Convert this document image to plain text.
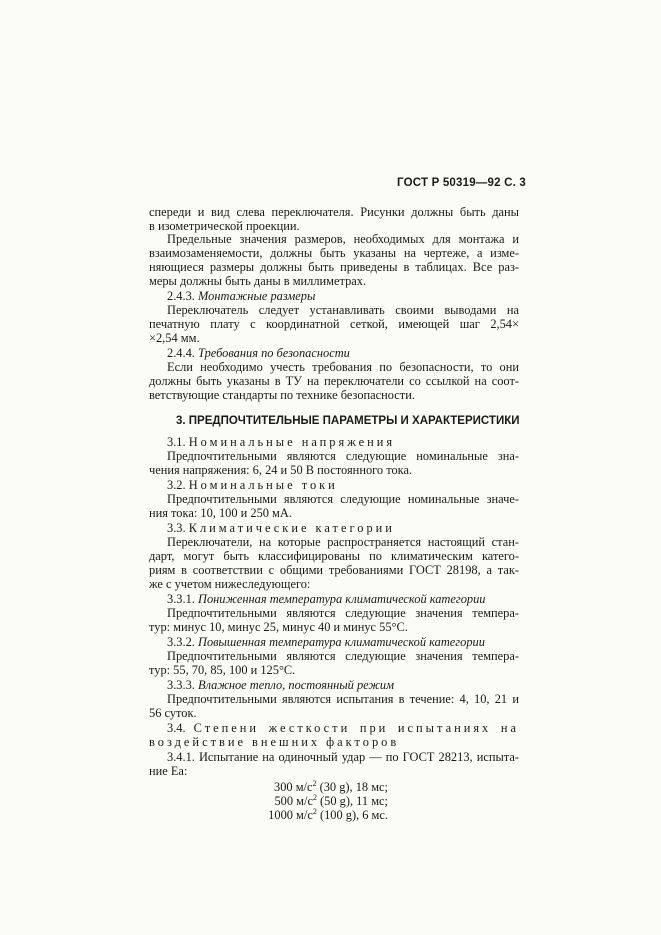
ГОСТ Р 50319—92 С. 3
спереди и вид слева переключателя. Рисунки должны быть даны
в изометрической проекции.
Предельные значения размеров, необходимых для монтажа и
взаимозаменяемости, должны быть указаны на чертеже, а изме-
няющиеся размеры должны быть приведены в таблицах. Все раз-
меры должны быть даны в миллиметрах.
2.4.3. Монтажные размеры
Переключатель следует устанавливать своими выводами на
печатную плату с координатной сеткой, имеющей шаг 2,54×
×2,54 мм.
2.4.4. Требования по безопасности
Если необходимо учесть требования по безопасности, то они
должны быть указаны в ТУ на переключатели со ссылкой на соот-
ветствующие стандарты по технике безопасности.
3. ПРЕДПОЧТИТЕЛЬНЫЕ ПАРАМЕТРЫ И ХАРАКТЕРИСТИКИ
3.1. Номинальные напряжения
Предпочтительными являются следующие номинальные зна-
чения напряжения: 6, 24 и 50 В постоянного тока.
3.2. Номинальные токи
Предпочтительными являются следующие номинальные значе-
ния тока: 10, 100 и 250 мА.
3.3. Климатические категории
Переключатели, на которые распространяется настоящий стан-
дарт, могут быть классифицированы по климатическим катего-
риям в соответствии с общими требованиями ГОСТ 28198, а так-
же с учетом нижеследующего:
3.3.1. Пониженная температура климатической категории
Предпочтительными являются следующие значения темпера-
тур: минус 10, минус 25, минус 40 и минус 55°С.
3.3.2. Повышенная температура климатической категории
Предпочтительными являются следующие значения темпера-
тур: 55, 70, 85, 100 и 125°С.
3.3.3. Влажное тепло, постоянный режим
Предпочтительными являются испытания в течение: 4, 10, 21 и
56 суток.
3.4. Степени жесткости при испытаниях на
воздействие внешних факторов
3.4.1. Испытание на одиночный удар — по ГОСТ 28213, испыта-
ние Еа:
300 $м/с^2$ (30 g), 18 мс;
500 $м/с^2$ (50 g), 11 мс;
1000 $м/с^2$ (100 g), 6 мс.
